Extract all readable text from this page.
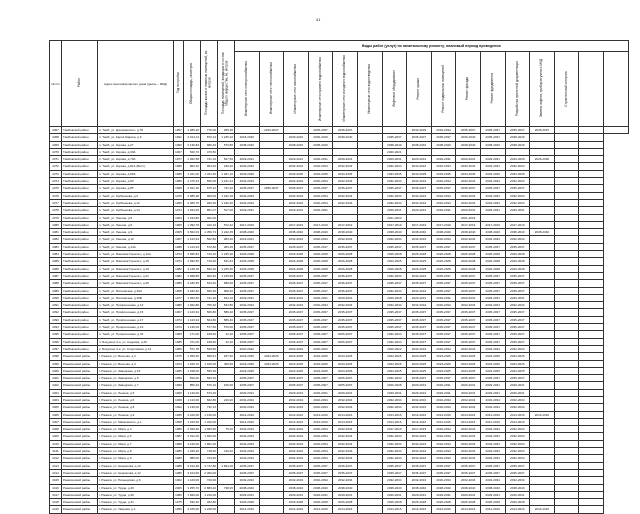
41
№ п/п	Район	Адрес многоквартирного дома (далее – МКД)	Год постройки	Общая площадь, кв.метров	Площадь жилых и нежилых помещений, кв. метров	Площадь помещений, входящих в состав общего имущества, кв. метров	Виды работ (услуг) по капитальному ремонту, плановый период проведения															
							Инженерные сети электроснабжения	Инженерные сети теплоснабжения	Инженерные сети газоснабжения	Инженерные сети горячего водоснабжения	Инженерные сети холодного водоснабжения	Инженерные сети водоотведения	Лифтовое оборудование	Ремонт крыши	Ремонт подвальных помещений	Ремонт фасада	Ремонт фундамента	Разработка проектной документации	Замена лифтов, приборов учета и МКД	Строительный контроль		
4367	Тамбовский район	п. Тамб, ул. Дзержинского, д.78	1957	1 285,20	776,00	265,30		2019-2027		2035-2037	2035-2037			2032-2039	2032-2034	2035-2037	2035-2037	2035-2037	2035-2037			
4368	Тамбовский район	п. Тамб, ул. Карла Маркса, д.9	1991	2 614,14	872,14	1 245,10	2018-2040		2039-2040	2039-2040	2039-2040		2035-2037	2035-2037	2035-2037	2036-2040	2035-2037	2038-2040				
4369	Тамбовский район	п. Тамб, ул. Кирова, д.2Г	1990	2 130,84	686,40	576,80	2038-2040		2038-2040	2038-2040			2038-2040	2038-2040	2038-2040	2038-2040	2038-2040	2038-2040				
4370	Тамбовский район	п. Тамб, ул. Кирова, д.39А	1967	520,70	479,50								2020-2021									
4371	Тамбовский район	п. Тамб, ул. Кирова, д.79А	1977	1 462,58	741,10	527,50	2029-2031		2029-2031	2029-2031	2029-2031		2029-2031	2029-2031	2029-2031	2029-2031	2029-2031	2026-2028	2026-2030			
4372	Тамбовский район	п. Тамб, ул. Кирова, д.81А (Вост.)	1980	862,20	964,40	230,40	2032-2034		2032-2034	2032-2034	2032-2034		2032-2034	2032-2034	2032-2034	2032-2034	2032-2034	2032-2034				
4373	Тамбовский район	п. Тамб, ул. Кирова, д.81Б	1986	1 421,00	1 321,60	1 261,10	2033-2035		2033-2035	2033-2035	2033-2035		2033-2035	2033-2035	2033-2035	2033-2035	2033-2035	2033-2035				
4374	Тамбовский район	п. Тамб, ул. Кирова, д.83	1986	2 475,24	836,00	1 241,24	2032-2034		2032-2034	2032-2034	2032-2034		2032-2034	2032-2034	2032-2034	2032-2034	2032-2034	2032-2034				
4375	Тамбовский район	п. Тамб, ул. Кирова, д.85	1968	2 621,36	675,12	741,32	2035-2037	2035-2037	2035-2037	2035-2037	2035-2037		2035-2037	2035-2037	2035-2037	2035-2037	2035-2037	2035-2037				
4376	Тамбовский район	п. Тамб, ул. Куйбышева, д.2	1976	2 585,28	960,00	1 192,10	2032-2034		2032-2034	2032-2034	2032-2034		2032-2034	2032-2034	2032-2034	2032-2034	2032-2034	2032-2034				
4377	Тамбовский район	п. Тамб, ул. Куйбышева, д.12	1969	2 480,76	926,30	1 246,36	2032-2034		2032-2034	2032-2034	2032-2034		2032-2034	2032-2034	2032-2034	2032-2034	2032-2034	2032-2034				
4378	Тамбовский район	п. Тамб, ул. Куйбышева, д.14	1974	1 934,00	851,07	517,00	2029-2031		2029-2031	2029-2031			2029-2031	2029-2031	2029-2031	2029-2031	2029-2031	2029-2031				
4379	Тамбовский район	п. Тамб, ул. Ленина, д.5	1963	1 234,80	462,00								2021-2023			2021-2023						
4380	Тамбовский район	п. Тамб, ул. Ленина, д.6	1969	1 292,76	443,10	572,42	2017-2019		2017-2019	2017-2019	2017-2019		2017-2019	2017-2019	2017-2019	2017-2019	2017-2019	2017-2019				
4381	Тамбовский район	п. Тамб, ул. Ленина, д.9	2005	3 562,03	1 356,73	1 242,35	2038-2040		2038-2040	2038-2040	2038-2040		2038-2040	2038-2040	2038-2040	2038-2040	2038-2040	2038-2040	2038-2040			
4382	Тамбовский район	п. Тамб, ул. Ленина, д.12	1967	1 123,94	562,80	283,40	2019-2021		2032-2034	2032-2034	2032-2034		2032-2034	2032-2034	2032-2034	2032-2034	2032-2034	2032-2034				
4383	Тамбовский район	п. Тамб, ул. Ленина, д.14А	1988	1 123,94	572,80	283,40	2035-2037		2035-2037	2035-2037	2035-2037		2035-2037	2035-2037	2035-2037	2035-2037	2035-2037	2035-2037				
4384	Тамбовский район	п. Тамб, ул. Максима Горького, д.13А	1974	2 835,84	743,10	1 245,30	2026-2028		2026-2028	2026-2028	2026-2028		2026-2028	2026-2028	2026-2028	2026-2028	2026-2028	2026-2028				
4385	Тамбовский район	п. Тамб, ул. Максима Горького, д.15	1974	2 832,55	719,20	541,64	2026-2028		2026-2028	2026-2028	2026-2028		2023-2025	2023-2025	2026-2028	2026-2028	2026-2028	2026-2028				
4386	Тамбовский район	п. Тамб, ул. Максима Горького, д.19	1982	3 148,18	840,20	1 225,30	2026-2028		2026-2028	2026-2028	2026-2028		2026-2028	2026-2028	2026-2028	2026-2028	2026-2028	2026-2028				
4387	Тамбовский район	п. Тамб, ул. Максима Горького, д.21	1982	2 838,85	900,30	1 215,50	2035-2037		2035-2037	2035-2037	2035-2037		2032-2034	2032-2034	2035-2037	2035-2037	2035-2037	2035-2037				
4388	Тамбовский район	п. Тамб, ул. Максима Горького, д.25	1985	2 182,95	643,40	689,60	2035-2037		2035-2037	2035-2037	2035-2037		2035-2037	2035-2037	2035-2037	2035-2037	2035-2037	2035-2037				
4389	Тамбовский район	п. Тамб, ул. Московская, д.29А	1968	3 182,60	666,30	608,40	2035-2037		2035-2037	2035-2037	2035-2037		2032-2034	2032-2034	2035-2037	2035-2037	2035-2037	2035-2037				
4390	Тамбовский район	п. Тамб, ул. Московская, д.29Б	1977	1 452,56	721,20	544,10	2029-2031		2029-2031	2029-2031	2029-2031		2029-2028	2029-2031	2029-2031	2029-2031	2029-2031	2029-2031				
4391	Тамбовский район	п. Тамб, ул. Профсоюзная, д.13	1980	1 922,80	756,40	534,80	2032-2034		2032-2034	2032-2034	2032-2034		2032-2034	2032-2034	2032-2034	2032-2034	2032-2034	2032-2034				
4392	Тамбовский район	п. Тамб, ул. Профсоюзная, д.15	1967	1 123,94	566,80	589,40	2035-2037		2035-2037	2035-2037	2035-2037		2035-2037	2035-2037	2035-2037	2035-2037	2035-2037	2035-2037				
4393	Тамбовский район	п. Тамб, ул. Профсоюзная, д.17	1973	1 123,94	564,80	589,40	2035-2037		2035-2037	2035-2037	2035-2037		2035-2037	2035-2037	2035-2037	2035-2037	2035-2037	2035-2037				
4394	Тамбовский район	п. Тамб, ул. Профсоюзная, д.19	1974	1 136,00	577,60	570,00	2035-2037		2035-2037	2035-2037	2035-2037		2035-2037	2035-2037	2035-2037	2035-2037	2035-2037	2035-2037				
4395	Тамбовский район	п. Тамб, ул. Профсоюзная, д.33	1983	171,00	168,60	22,40	2005-2007		2005-2007	2005-2007	2005-2007		2032-2034	2035-2037	2035-2037	2035-2037	2035-2037	2035-2037				
4396	Тамбовский район	п. Бокурино 3-я, ул. Садовая, д.25	1985	371,00	168,60	22,40	2006-2007		2006-2007	2006-2007	2006-2007		2032-2034	2035-2037	2035-2037	2035-2037	2035-2037	2035-2037				
4397	Тамбовский район	с. Бокурино 3-я, ул. Спортивная, д.14	1969	571,78	549,50		2020-2022		2020-2022	2020-2022			2020-2022	2032-2034	2032-2034	2032-2034	2032-2034	2032-2034				
4398	Ржаксинский район	г. Ржакса, ул. Веселая, д.2	1975	1 256,96	688,61	267,60	2023-2025	2023-2025	2023-2025	2023-2025	2023-2025		2023-2025	2023-2025	2023-2025	2023-2025	2023-2025	2023-2025				
4399	Ржаксинский район	г. Ржакса, ул. Веселая, д.3	1973	1 649,70	1 180,00	469,50	2023-2025	2023-2025	2023-2025	2023-2025	2023-2025		2023-2025	2023-2025	2023-2025	2023-2025	2023-2025	2023-2025				
4400	Ржаксинский район	г. Ржакса, ул. Заводская, д.15	1965	1 158,00	555,30		2023-2025		2023-2025	2023-2025	2023-2025		2023-2025	2023-2025	2023-2025	2023-2025	2023-2025	2023-2025				
4401	Ржаксинский район	г. Ржакса, ул. Заводская, д.5	1959	810,00	560,30		2005-2007		2005-2007	2005-2007	2005-2007		2032-2034	2035-2037	2035-2037	2035-2037	2035-2037	2035-2037				
4402	Ржаксинский район	г. Ржакса, ул. Заводская, д.7	1960	856,32	576,10	166,00	2005-2007		2005-2007	2005-2007	2005-2007		2026-2028	2029-2031	2029-2031	2029-2031	2029-2031	2029-2031				
4403	Ржаксинский район	г. Ржакса, ул. Ленина, д.5	1969	1 140,00	673,20		2029-2031		2029-2031	2029-2031	2029-2031		2029-2031	2029-2031	2029-2031	2029-2031	2029-2031	2029-2031				
4404	Ржаксинский район	г. Ржакса, ул. Ленина, д.6	1968	1 113,00	662,80	219,20	2032-2034		2032-2034	2032-2034	2032-2034		2032-2034	2032-2034	2032-2034	2032-2034	2032-2034	2032-2034				
4405	Ржаксинский район	г. Ржакса, ул. Ленина, д.8	1962	1 139,00	732,12		2032-2034		2032-2034	2032-2034	2032-2034		2032-2034	2032-2034	2032-2034	2032-2034	2032-2034	2032-2034				
4406	Ржаксинский район	г. Ржакса, ул. Ленина, д.9	1965	2 106,00	1 130,00		2014-2016		2014-2016	2014-2016	2014-2016		2014-2016	2014-2016	2014-2016	2014-2016	2014-2016	2014-2016	2014-2016			
4407	Ржаксинский район	г. Ржакса, ул. Маяковского, д.1	1968	1 243,00	1 010,00		2014-2016		2014-2016	2014-2016	2014-2016		2014-2016	2014-2016	2014-2016	2014-2016	2014-2016	2014-2016				
4408	Ржаксинский район	г. Ржакса, ул. Мира, д.4	1986	2 520,60	1 960,90	75,10	2032-2034		2032-2034	2032-2034	2032-2034		2017-2019	2017-2019	2032-2034	2032-2034	2032-2034	2032-2034				
4409	Ржаксинский район	г. Ржакса, ул. Мира, д.6	1987	2 612,00	1 920,00		2032-2034		2032-2034	2032-2034	2032-2034		2032-2034	2032-2034	2032-2034	2032-2034	2032-2034	2032-2034				
4410	Ржаксинский район	г. Ржакса, ул. Мира, д.7	1988	3 120,00	1 891,00		2032-2034		2032-2034	2032-2034	2032-2034		2032-2034	2032-2034	2032-2034	2032-2034	2032-2034	2032-2034				
4411	Ржаксинский район	г. Ржакса, ул. Мира, д.8	1986	1 346,20	718,60	419,40	2032-2034		2032-2034	2032-2034	2032-2034		2032-2034	2032-2034	2032-2034	2032-2034	2032-2034	2032-2034				
4412	Ржаксинский район	г. Ржакса, ул. Мира, д.9	1980	985,00	723,60		2032-2034		2032-2034	2032-2034	2032-2034		2032-2034	2032-2034	2032-2034	2032-2034	2032-2034	2032-2034				
4413	Ржаксинский район	г. Ржакса, ул. Некрасова, д.10	1988	6 612,28	4 747,80	1 664,20	2035-2037		2035-2037	2035-2037	2035-2037		2035-2037	2035-2037	2035-2037	2035-2037	2035-2037	2035-2037				
4414	Ржаксинский район	г. Ржакса, ул. Некрасова, д.12	1986	3 104,00	2 306,00		2035-2037		2035-2037	2035-2037	2035-2037		2035-2037	2035-2037	2035-2037	2035-2037	2035-2037	2035-2037				
4415	Ржаксинский район	г. Ржакса, ул. Пионерская, д.6	1962	1 120,00	720,00		2032-2034		2032-2034	2032-2034	2032-2034		2032-2034	2032-2034	2032-2034	2032-2034	2032-2034	2032-2034				
4416	Ржаксинский район	г. Ржакса, ул. Труда, д.29	2005	3 255,70	2 883,20	738,25	2038-2040		2038-2040	2038-2040	2038-2040		2038-2040	2038-2040	2038-2040	2038-2040	2038-2040	2038-2040				
4417	Ржаксинский район	г. Ржакса, ул. Труда, д.30	1980	1 840,00	1 210,00		2029-2031		2029-2031	2029-2031	2029-2031		2029-2031	2029-2031	2029-2031	2029-2031	2029-2031	2029-2031				
4418	Ржаксинский район	г. Ржакса, ул. Труда, д.31	1975	532,40	462,80		2026-2028		2026-2028	2026-2028	2026-2028		2026-2028	2026-2028	2026-2028	2026-2028	2026-2028	2026-2028				
4419	Ржаксинский район	г. Ржакса, ул. Уварова, д.1	1959	2 165,00	1 240,00		2014-2016		2014-2016	2014-2016	2014-2016		2014-2016	2014-2016	2014-2016	2014-2016	2014-2016	2014-2016	2014-2016			
